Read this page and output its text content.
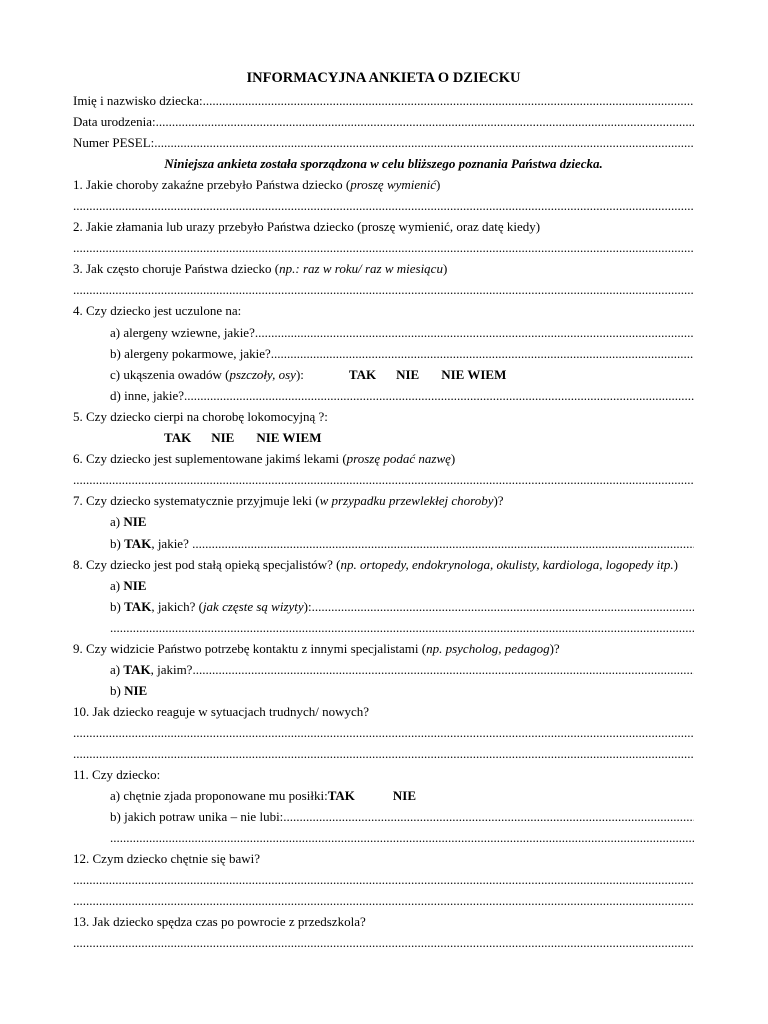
INFORMACYJNA ANKIETA O DZIECKU
Imię i nazwisko dziecka:
.....
Data urodzenia:
.....
Numer PESEL:
.....
Niniejsza ankieta została sporządzona w celu bliższego poznania Państwa dziecka.
1. Jakie choroby zakaźne przebyło Państwa dziecko ( proszę wymienić )
.....
2. Jakie złamania lub urazy przebyło Państwa dziecko (proszę wymienić, oraz datę kiedy)
.....
3. Jak często choruje Państwa dziecko ( np.: raz w roku/ raz w miesiącu )
.....
4. Czy dziecko jest uczulone na:
a) alergeny wziewne, jakie?
.....
b) alergeny pokarmowe, jakie?
.....
c) ukąszenia owadów ( pszczoły, osy ):	TAK NIE NIE WIEM
d) inne, jakie?
.....
5. Czy dziecko cierpi na chorobę lokomocyjną ?:
TAK NIE NIE WIEM
6. Czy dziecko jest suplementowane jakimś lekami ( proszę podać nazwę )
.....
7. Czy dziecko systematycznie przyjmuje leki ( w przypadku przewlekłej choroby )?
a)
NIE
b)
TAK , jakie?

.....
8. Czy dziecko jest pod stałą opieką specjalistów? ( np. ortopedy, endokrynologa, okulisty, kardiologa, logopedy itp. )
a)
NIE
b)
TAK , jakich? ( jak częste są wizyty ):
.....
.....
9. Czy widzicie Państwo potrzebę kontaktu z innymi specjalistami ( np. psycholog, pedagog )?
a)
TAK , jakim?
.....
b)
NIE
10. Jak dziecko reaguje w sytuacjach trudnych/ nowych?
.....
.....
11. Czy dziecko:
a) chętnie zjada proponowane mu posiłki: TAK	NIE
b) jakich potraw unika – nie lubi:
.....
.....
12. Czym dziecko chętnie się bawi?
.....
.....
13. Jak dziecko spędza czas po powrocie z przedszkola?
.....
